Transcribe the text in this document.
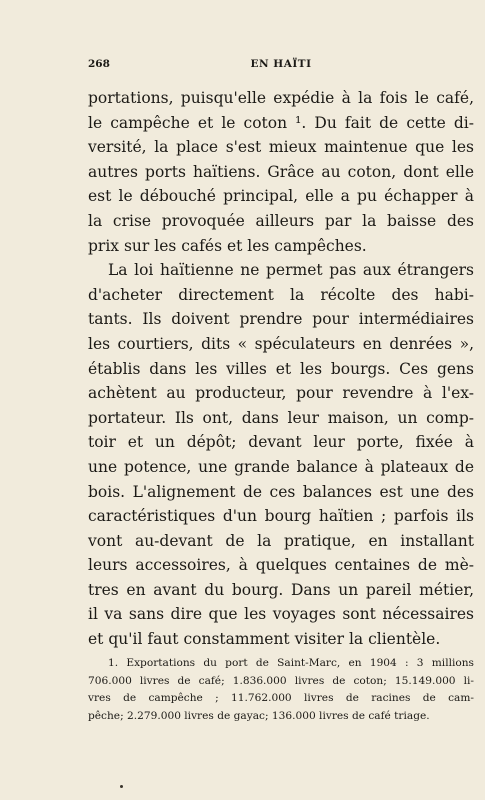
268	EN HAÏTI
portations, puisqu'elle expédie à la fois le café,
le campêche et le coton ¹. Du fait de cette di-
versité, la place s'est mieux maintenue que les
autres ports haïtiens. Grâce au coton, dont elle
est le débouché principal, elle a pu échapper à
la crise provoquée ailleurs par la baisse des
prix sur les cafés et les campêches.
La loi haïtienne ne permet pas aux étrangers
d'acheter directement la récolte des habi-
tants. Ils doivent prendre pour intermédiaires
les courtiers, dits « spéculateurs en denrées »,
établis dans les villes et les bourgs. Ces gens
achètent au producteur, pour revendre à l'ex-
portateur. Ils ont, dans leur maison, un comp-
toir et un dépôt; devant leur porte, fixée à
une potence, une grande balance à plateaux de
bois. L'alignement de ces balances est une des
caractéristiques d'un bourg haïtien ; parfois ils
vont au-devant de la pratique, en installant
leurs accessoires, à quelques centaines de mè-
tres en avant du bourg. Dans un pareil métier,
il va sans dire que les voyages sont nécessaires
et qu'il faut constamment visiter la clientèle.
1. Exportations du port de Saint-Marc, en 1904 : 3 millions
706.000 livres de café; 1.836.000 livres de coton; 15.149.000 li-
vres de campêche ; 11.762.000 livres de racines de cam-
pêche; 2.279.000 livres de gayac; 136.000 livres de café triage.
